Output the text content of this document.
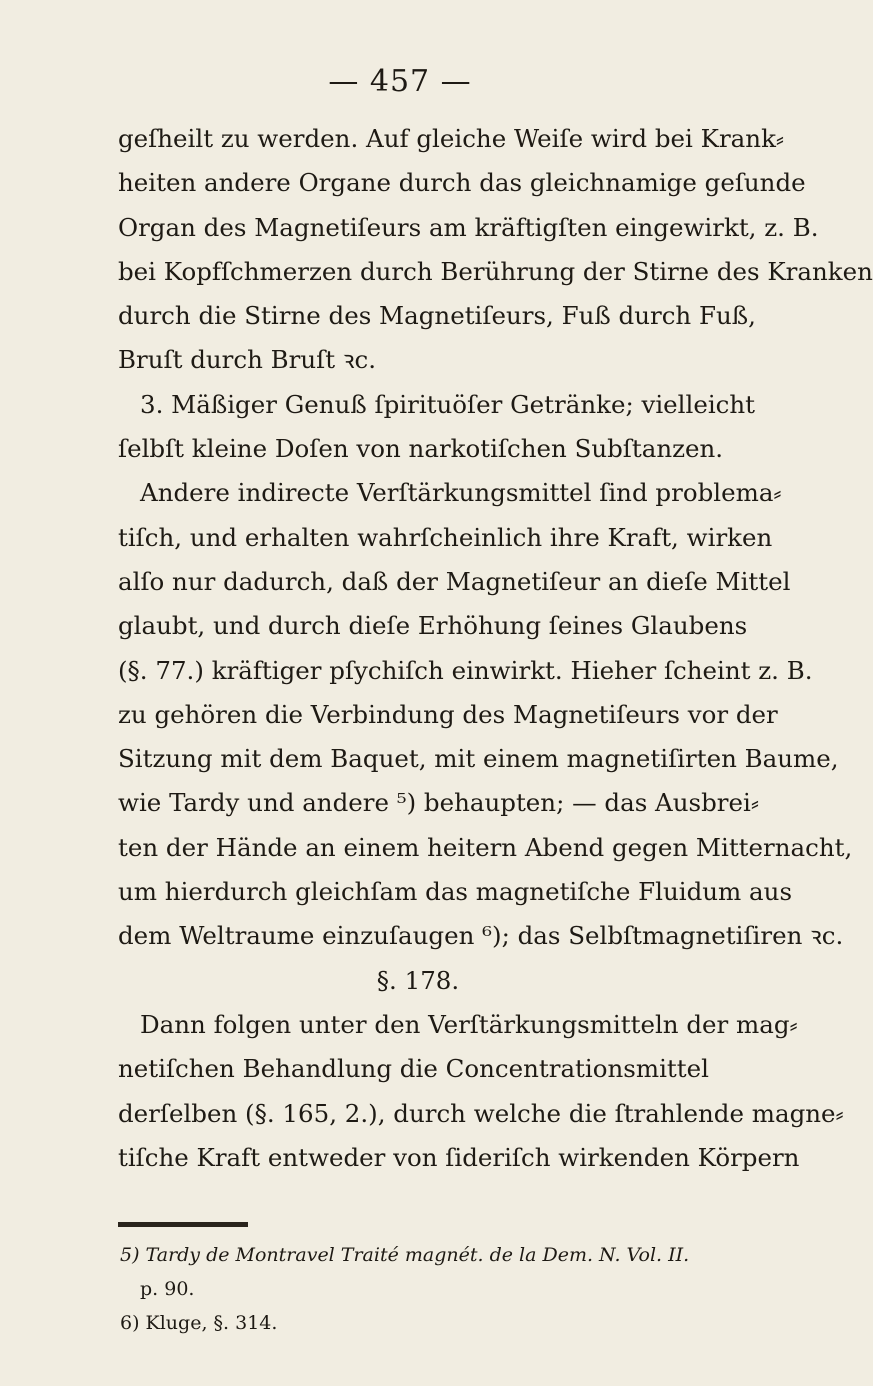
— 457 —
geſheilt zu werden. Auf gleiche Weiſe wird bei Krank⸗
heiten andere Organe durch das gleichnamige geſunde
Organ des Magnetiſeurs am kräftigſten eingewirkt, z. B.
bei Kopfſchmerzen durch Berührung der Stirne des Kranken
durch die Stirne des Magnetiſeurs, Fuß durch Fuß,
Bruſt durch Bruſt ꝛc.
3. Mäßiger Genuß ſpirituöſer Getränke; vielleicht
ſelbſt kleine Doſen von narkotiſchen Subſtanzen.
Andere indirecte Verſtärkungsmittel ſind problema⸗
tiſch, und erhalten wahrſcheinlich ihre Kraft, wirken
alſo nur dadurch, daß der Magnetiſeur an dieſe Mittel
glaubt, und durch dieſe Erhöhung ſeines Glaubens
(§. 77.) kräftiger pſychiſch einwirkt. Hieher ſcheint z. B.
zu gehören die Verbindung des Magnetiſeurs vor der
Sitzung mit dem Baquet, mit einem magnetiſirten Baume,
wie Tardy und andere ⁵) behaupten; — das Ausbrei⸗
ten der Hände an einem heitern Abend gegen Mitternacht,
um hierdurch gleichſam das magnetiſche Fluidum aus
dem Weltraume einzuſaugen ⁶); das Selbſtmagnetiſiren ꝛc.
§. 178.
Dann folgen unter den Verſtärkungsmitteln der mag⸗
netiſchen Behandlung die Concentrationsmittel
derſelben (§. 165, 2.), durch welche die ſtrahlende magne⸗
tiſche Kraft entweder von ſideriſch wirkenden Körpern
5) Tardy de Montravel Traité magnét. de la Dem. N. Vol. II.
p. 90.
6) Kluge, §. 314.
